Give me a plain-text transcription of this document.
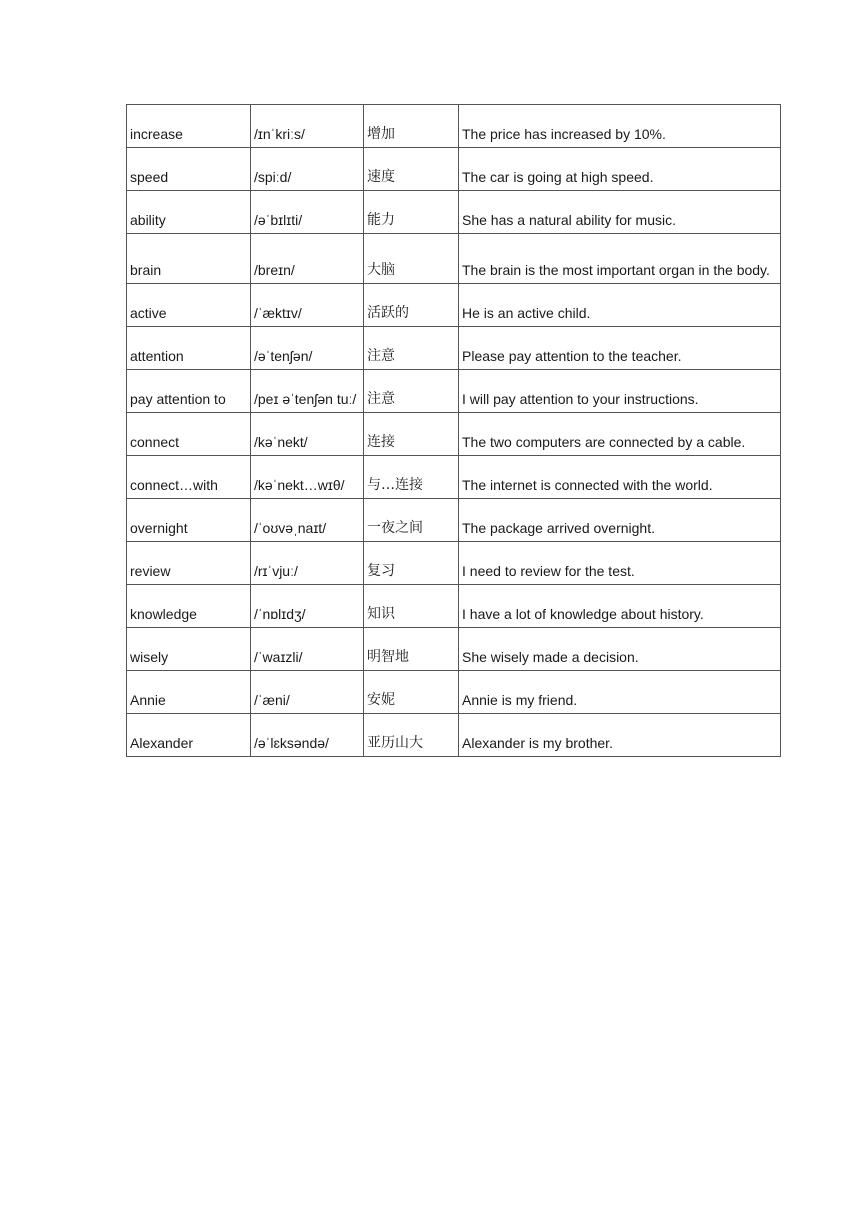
increase	/ɪnˈkriːs/	增加	The price has increased by 10%.
speed	/spiːd/	速度	The car is going at high speed.
ability	/əˈbɪlɪti/	能力	She has a natural ability for music.
brain	/breɪn/	大脑	The brain is the most important organ in the body.
active	/ˈæktɪv/	活跃的	He is an active child.
attention	/əˈtenʃən/	注意	Please pay attention to the teacher.
pay attention to	/peɪ əˈtenʃən tuː/	注意	I will pay attention to your instructions.
connect	/kəˈnekt/	连接	The two computers are connected by a cable.
connect…with	/kəˈnekt…wɪθ/	与…连接	The internet is connected with the world.
overnight	/ˈoʊvəˌnaɪt/	一夜之间	The package arrived overnight.
review	/rɪˈvjuː/	复习	I need to review for the test.
knowledge	/ˈnɒlɪdʒ/	知识	I have a lot of knowledge about history.
wisely	/ˈwaɪzli/	明智地	She wisely made a decision.
Annie	/ˈæni/	安妮	Annie is my friend.
Alexander	/əˈlɛksəndə/	亚历山大	Alexander is my brother.
